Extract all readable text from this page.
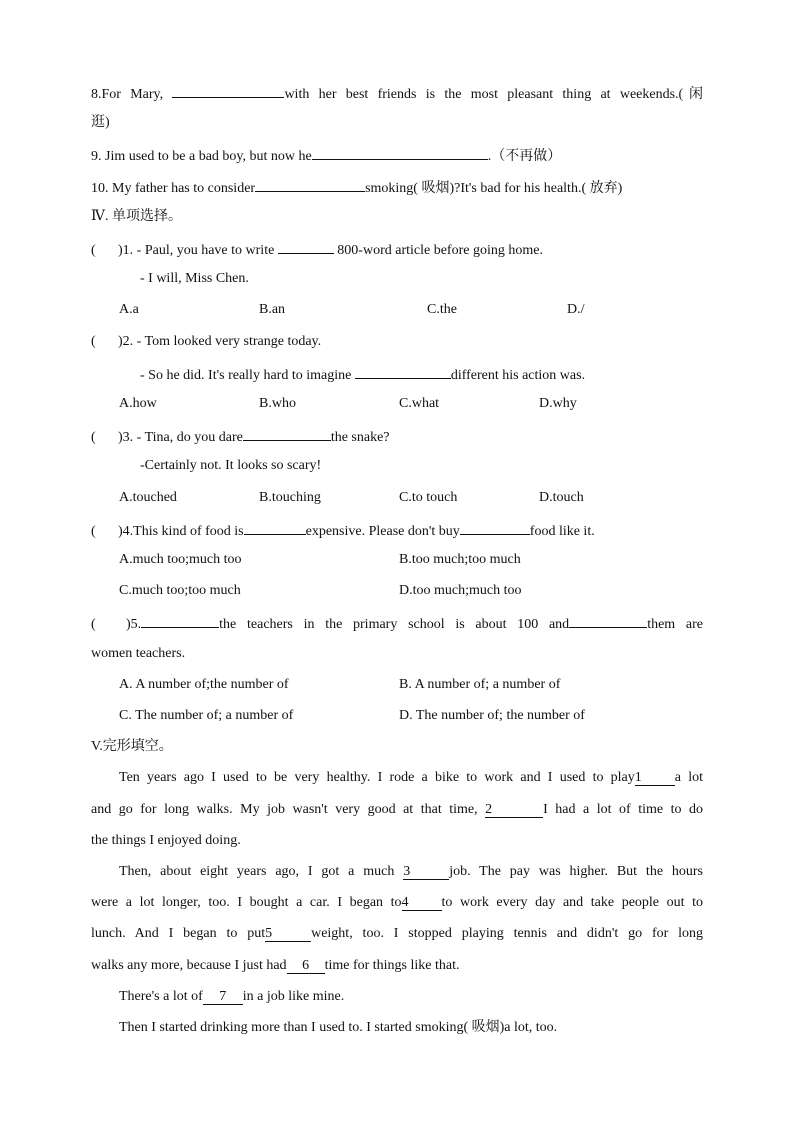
8.For Mary,	with her best friends is the most pleasant thing at weekends.(闲
逛)
9. Jim used to be a bad boy, but now he	.（不再做）
10. My father has to consider	smoking( 吸烟)?It's bad for his health.( 放弃)
Ⅳ. 单项选择。
( )1. - Paul, you have to write	800-word article before going home.
- I will, Miss Chen.
A.a	B.an	C.the	D./
( )2. - Tom looked very strange today.
- So he did. It's really hard to imagine	different his action was.
A.how	B.who	C.what	D.why
( )3. - Tina, do you dare	the snake?
-Certainly not. It looks so scary!
A.touched	B.touching	C.to touch	D.touch
( )4.This kind of food is	expensive. Please don't buy	food like it.
A.much too;much too	B.too much;too much
C.much too;too much	D.too much;much too
( )5.	the teachers in the primary school is about 100 and	them are
women teachers.
A. A number of;the number of	B. A number of; a number of
C. The number of; a number of	D. The number of; the number of
V.完形填空。
Ten years ago I used to be very healthy. I rode a bike to work and I used to play1 a lot
and go for long walks. My job wasn't very good at that time, 2	I had a lot of time to do
the things I enjoyed doing.
Then, about eight years ago, I got a much 3	job. The pay was higher. But the hours
were a lot longer, too. I bought a car. I began to4 to work every day and take people out to
lunch. And I began to put5	weight, too. I stopped playing tennis and didn't go for long
walks any more, because I just had 6 time for things like that.
There's a lot of 7 in a job like mine.
Then I started drinking more than I used to. I started smoking( 吸烟)a lot, too.
